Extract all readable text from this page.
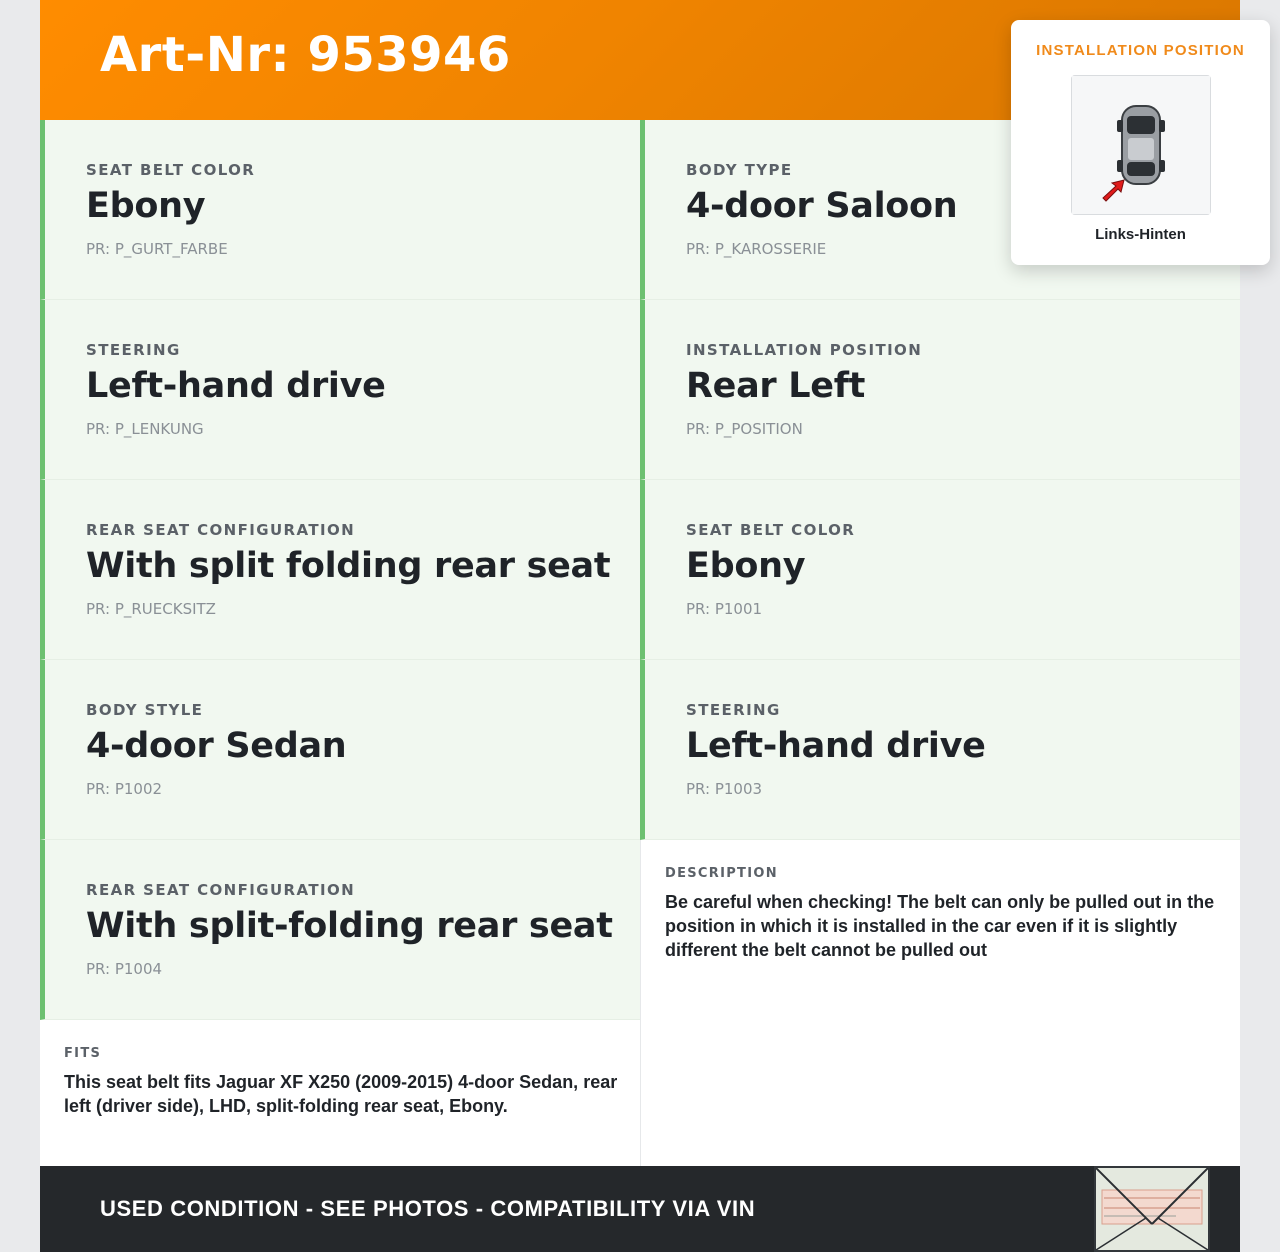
Art-Nr: 953946
SEAT BELT COLOR
Ebony
PR: P_GURT_FARBE
BODY TYPE
4-door Saloon
PR: P_KAROSSERIE
STEERING
Left-hand drive
PR: P_LENKUNG
INSTALLATION POSITION
Rear Left
PR: P_POSITION
REAR SEAT CONFIGURATION
With split folding rear seat
PR: P_RUECKSITZ
SEAT BELT COLOR
Ebony
PR: P1001
BODY STYLE
4-door Sedan
PR: P1002
STEERING
Left-hand drive
PR: P1003
REAR SEAT CONFIGURATION
With split-folding rear seat
PR: P1004
DESCRIPTION
Be careful when checking! The belt can only be pulled out in the position in which it is installed in the car even if it is slightly different the belt cannot be pulled out
FITS
This seat belt fits Jaguar XF X250 (2009-2015) 4-door Sedan, rear left (driver side), LHD, split-folding rear seat, Ebony.
USED CONDITION - SEE PHOTOS - COMPATIBILITY VIA VIN
INSTALLATION POSITION
Links-Hinten
